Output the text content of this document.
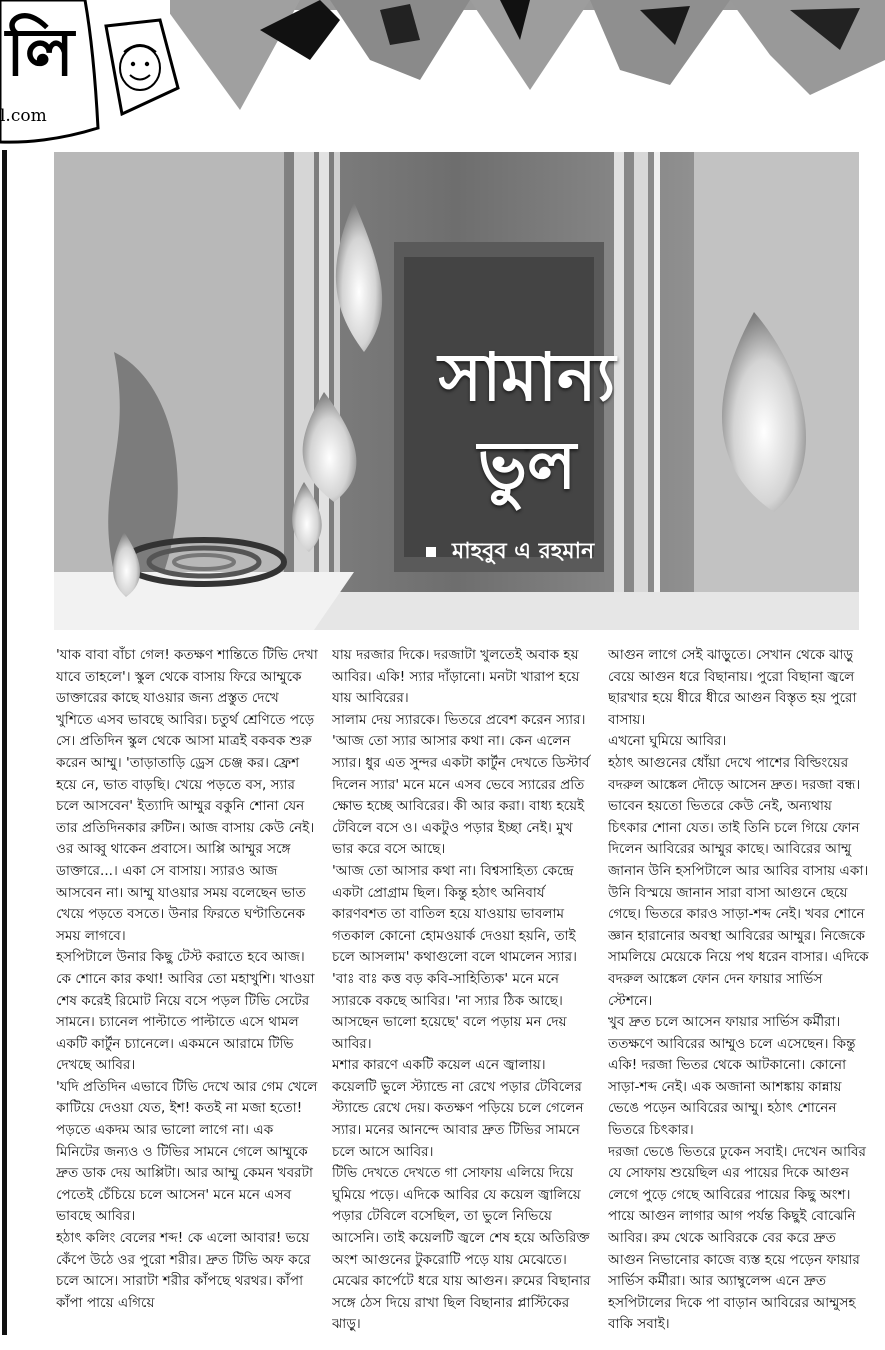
লি
l.com
সামান্য
ভুল
মাহবুব এ রহমান

'যাক বাবা বাঁচা গেল! কতক্ষণ শান্তিতে টিভি দেখা যাবে তাহলে'। স্কুল থেকে বাসায় ফিরে আম্মুকে ডাক্তারের কাছে যাওয়ার জন্য প্রস্তুত দেখে খুশিতে এসব ভাবছে আবির। চতুর্থ শ্রেণিতে পড়ে সে। প্রতিদিন স্কুল থেকে আসা মাত্রই বকবক শুরু করেন আম্মু। 'তাড়াতাড়ি ড্রেস চেঞ্জ কর। ফ্রেশ হয়ে নে, ভাত বাড়ছি। খেয়ে পড়তে বস, স্যার চলে আসবেন' ইত্যাদি আম্মুর বকুনি শোনা যেন তার প্রতিদিনকার রুটিন। আজ বাসায় কেউ নেই। ওর আব্বু থাকেন প্রবাসে। আপ্পি আম্মুর সঙ্গে ডাক্তারে...। একা সে বাসায়। স্যারও আজ আসবেন না। আম্মু যাওয়ার সময় বলেছেন ভাত খেয়ে পড়তে বসতে। উনার ফিরতে ঘণ্টাতিনেক সময় লাগবে।

হসপিটালে উনার কিছু টেস্ট করাতে হবে আজ। কে শোনে কার কথা! আবির তো মহাখুশি। খাওয়া শেষ করেই রিমোট নিয়ে বসে পড়ল টিভি সেটের সামনে। চ্যানেল পাল্টাতে পাল্টাতে এসে থামল একটি কার্টুন চ্যানেলে। একমনে আরামে টিভি দেখছে আবির।

'যদি প্রতিদিন এভাবে টিভি দেখে আর গেম খেলে কাটিয়ে দেওয়া যেত, ইশ! কতই না মজা হতো! পড়তে একদম আর ভালো লাগে না। এক মিনিটের জন্যও ও টিভির সামনে গেলে আম্মুকে দ্রুত ডাক দেয় আপ্পিটা। আর আম্মু কেমন খবরটা পেতেই চেঁচিয়ে চলে আসেন' মনে মনে এসব ভাবছে আবির।

হঠাৎ কলিং বেলের শব্দ! কে এলো আবার! ভয়ে কেঁপে উঠে ওর পুরো শরীর। দ্রুত টিভি অফ করে চলে আসে। সারাটা শরীর কাঁপছে থরথর। কাঁপা কাঁপা পায়ে এগিয়ে

যায় দরজার দিকে। দরজাটা খুলতেই অবাক হয় আবির। একি! স্যার দাঁড়ানো। মনটা খারাপ হয়ে যায় আবিরের।

সালাম দেয় স্যারকে। ভিতরে প্রবেশ করেন স্যার। 'আজ তো স্যার আসার কথা না। কেন এলেন স্যার। ধুর এত সুন্দর একটা কার্টুন দেখতে ডিস্টার্ব দিলেন স্যার' মনে মনে এসব ভেবে স্যারের প্রতি ক্ষোভ হচ্ছে আবিরের। কী আর করা। বাধ্য হয়েই টেবিলে বসে ও। একটুও পড়ার ইচ্ছা নেই। মুখ ভার করে বসে আছে।

'আজ তো আসার কথা না। বিশ্বসাহিত্য কেন্দ্রে একটা প্রোগ্রাম ছিল। কিন্তু হঠাৎ অনিবার্য কারণবশত তা বাতিল হয়ে যাওয়ায় ভাবলাম গতকাল কোনো হোমওয়ার্ক দেওয়া হয়নি, তাই চলে আসলাম' কথাগুলো বলে থামলেন স্যার। 'বাঃ বাঃ কত্ত বড় কবি-সাহিত্যিক' মনে মনে স্যারকে বকছে আবির। 'না স্যার ঠিক আছে। আসছেন ভালো হয়েছে' বলে পড়ায় মন দেয় আবির।

মশার কারণে একটি কয়েল এনে জ্বালায়। কয়েলটি ভুলে স্ট্যান্ডে না রেখে পড়ার টেবিলের স্ট্যান্ডে রেখে দেয়। কতক্ষণ পড়িয়ে চলে গেলেন স্যার। মনের আনন্দে আবার দ্রুত টিভির সামনে চলে আসে আবির।

টিভি দেখতে দেখতে গা সোফায় এলিয়ে দিয়ে ঘুমিয়ে পড়ে। এদিকে আবির যে কয়েল জ্বালিয়ে পড়ার টেবিলে বসেছিল, তা ভুলে নিভিয়ে আসেনি। তাই কয়েলটি জ্বলে শেষ হয়ে অতিরিক্ত অংশ আগুনের টুকরোটি পড়ে যায় মেঝেতে। মেঝের কার্পেটে ধরে যায় আগুন। রুমের বিছানার সঙ্গে ঠেস দিয়ে রাখা ছিল বিছানার প্লাস্টিকের ঝাড়ু।

আগুন লাগে সেই ঝাড়ুতে। সেখান থেকে ঝাড়ু বেয়ে আগুন ধরে বিছানায়। পুরো বিছানা জ্বলে ছারখার হয়ে ধীরে ধীরে আগুন বিস্তৃত হয় পুরো বাসায়।

এখনো ঘুমিয়ে আবির।

হঠাৎ আগুনের ধোঁয়া দেখে পাশের বিল্ডিংয়ের বদরুল আঙ্কেল দৌড়ে আসেন দ্রুত। দরজা বন্ধ। ভাবেন হয়তো ভিতরে কেউ নেই, অন্যথায় চিৎকার শোনা যেত। তাই তিনি চলে গিয়ে ফোন দিলেন আবিরের আম্মুর কাছে। আবিরের আম্মু জানান উনি হসপিটালে আর আবির বাসায় একা। উনি বিস্ময়ে জানান সারা বাসা আগুনে ছেয়ে গেছে। ভিতরে কারও সাড়া-শব্দ নেই। খবর শোনে জ্ঞান হারানোর অবস্থা আবিরের আম্মুর। নিজেকে সামলিয়ে মেয়েকে নিয়ে পথ ধরেন বাসার। এদিকে বদরুল আঙ্কেল ফোন দেন ফায়ার সার্ভিস স্টেশনে।

খুব দ্রুত চলে আসেন ফায়ার সার্ভিস কর্মীরা। ততক্ষণে আবিরের আম্মুও চলে এসেছেন। কিন্তু একি! দরজা ভিতর থেকে আটকানো। কোনো সাড়া-শব্দ নেই। এক অজানা আশঙ্কায় কান্নায় ভেঙে পড়েন আবিরের আম্মু। হঠাৎ শোনেন ভিতরে চিৎকার।

দরজা ভেঙে ভিতরে ঢুকেন সবাই। দেখেন আবির যে সোফায় শুয়েছিল এর পায়ের দিকে আগুন লেগে পুড়ে গেছে আবিরের পায়ের কিছু অংশ। পায়ে আগুন লাগার আগ পর্যন্ত কিছুই বোঝেনি আবির। রুম থেকে আবিরকে বের করে দ্রুত আগুন নিভানোর কাজে ব্যস্ত হয়ে পড়েন ফায়ার সার্ভিস কর্মীরা। আর অ্যাম্বুলেন্স এনে দ্রুত হসপিটালের দিকে পা বাড়ান আবিরের আম্মুসহ বাকি সবাই।
